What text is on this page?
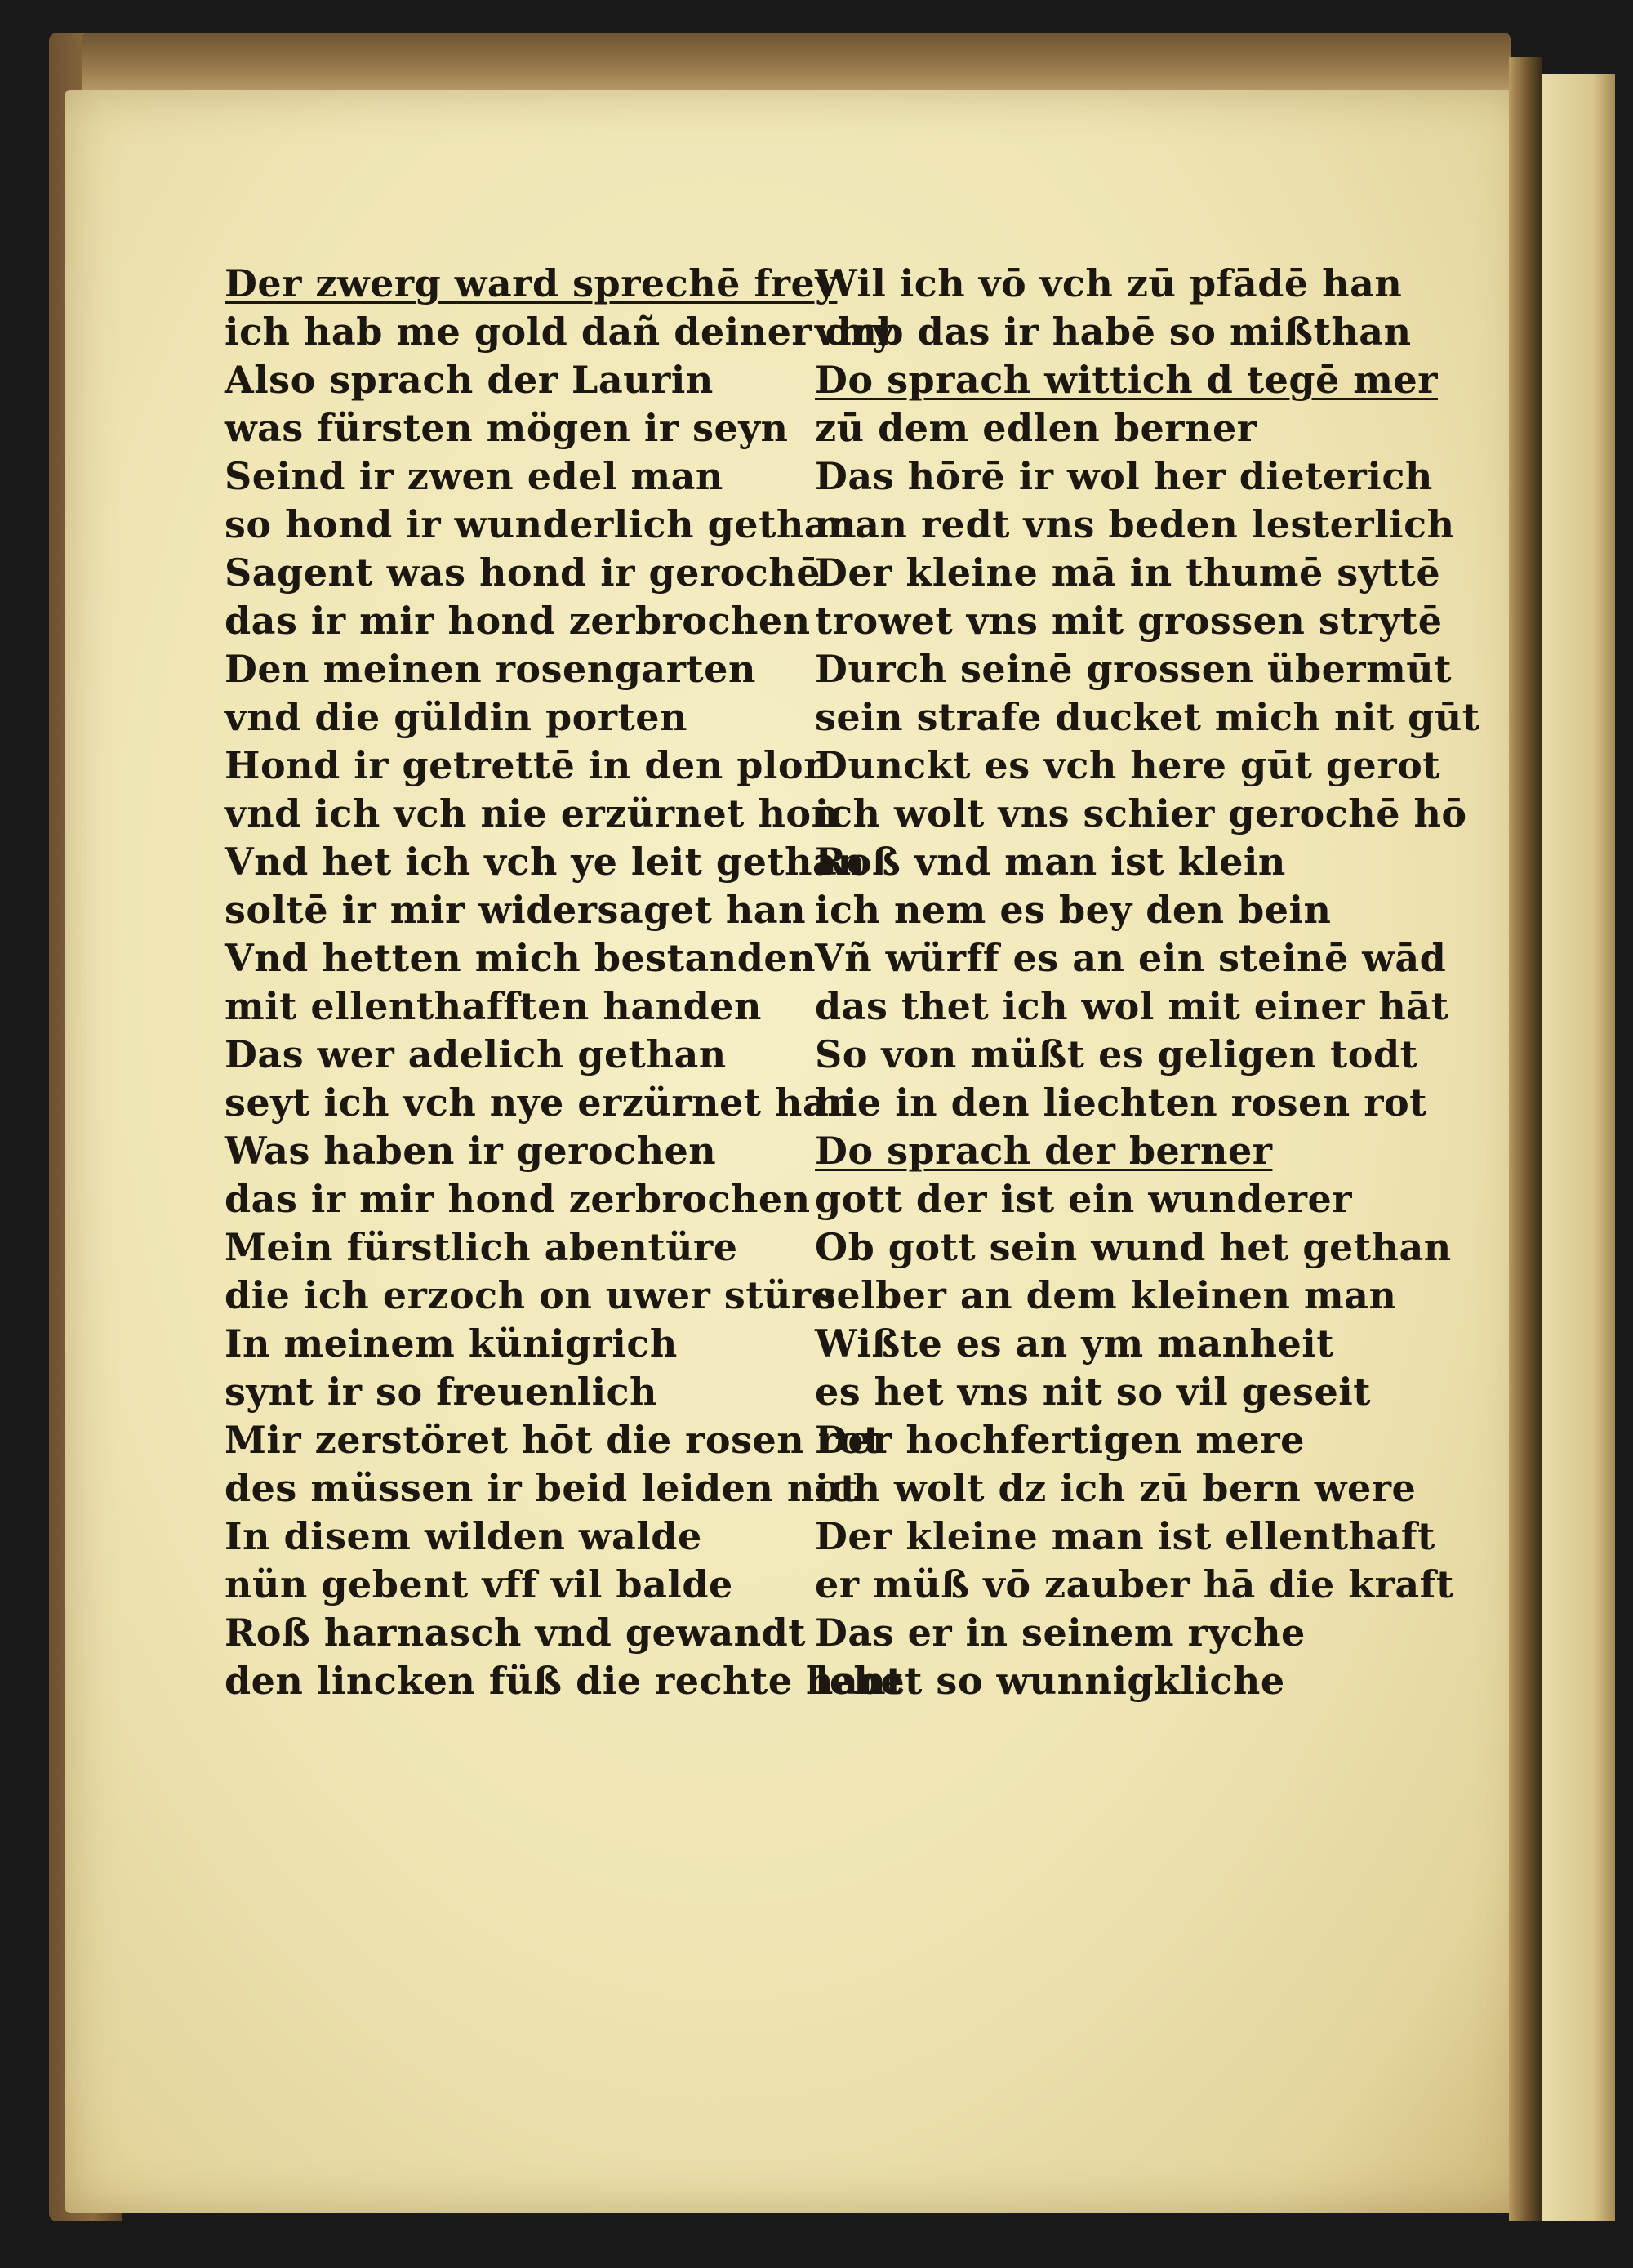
Der zwerg ward sprechē frey
ich hab me gold dañ deiner dry
Also sprach der Laurin
was fürsten mögen ir seyn
Seind ir zwen edel man
so hond ir wunderlich gethan
Sagent was hond ir gerochē
das ir mir hond zerbrochen
Den meinen rosengarten
vnd die güldin porten
Hond ir getrettē in den plon
vnd ich vch nie erzürnet hon
Vnd het ich vch ye leit gethan
soltē ir mir widersaget han
Vnd hetten mich bestanden
mit ellenthafften handen
Das wer adelich gethan
seyt ich vch nye erzürnet han
Was haben ir gerochen
das ir mir hond zerbrochen
Mein fürstlich abentüre
die ich erzoch on uwer stüre
In meinem künigrich
synt ir so freuenlich
Mir zerstöret hōt die rosen rot
des müssen ir beid leiden not
In disem wilden walde
nün gebent vff vil balde
Roß harnasch vnd gewandt
den lincken füß die rechte hant
Wil ich vō vch zū pfādē han
vmb das ir habē so mißthan
Do sprach wittich d tegē mer
zū dem edlen berner
Das hōrē ir wol her dieterich
man redt vns beden lesterlich
Der kleine mā in thumē syttē
trowet vns mit grossen strytē
Durch seinē grossen übermūt
sein strafe ducket mich nit gūt
Dunckt es vch here gūt gerot
ich wolt vns schier gerochē hō
Roß vnd man ist klein
ich nem es bey den bein
Vñ würff es an ein steinē wād
das thet ich wol mit einer hāt
So von müßt es geligen todt
hie in den liechten rosen rot
Do sprach der berner
gott der ist ein wunderer
Ob gott sein wund het gethan
selber an dem kleinen man
Wißte es an ym manheit
es het vns nit so vil geseit
Der hochfertigen mere
ich wolt dz ich zū bern were
Der kleine man ist ellenthaft
er müß vō zauber hā die kraft
Das er in seinem ryche
lebet so wunnigkliche
